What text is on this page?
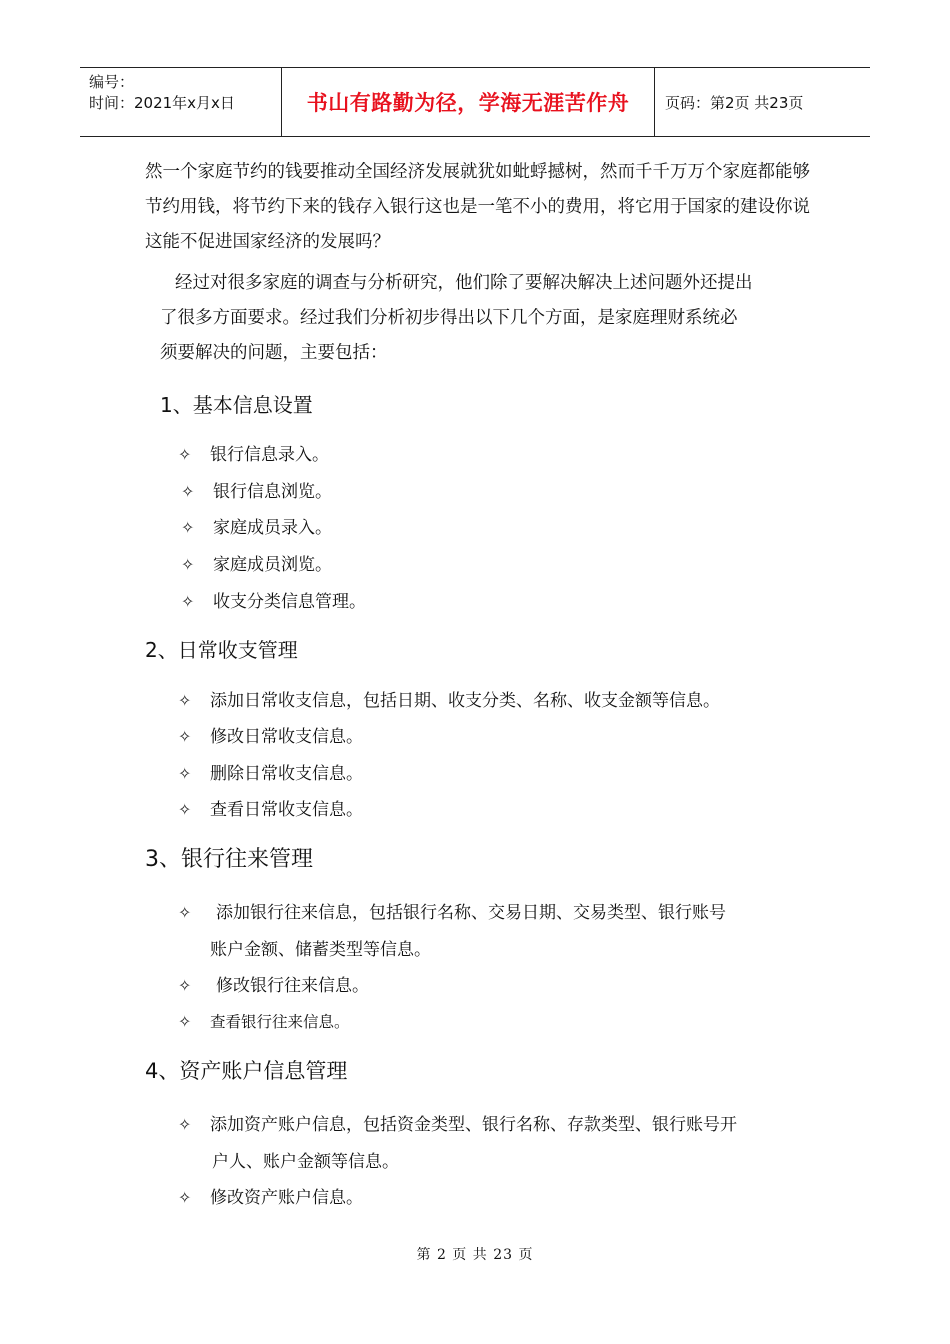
编号：
时间：2021年x月x日	书山有路勤为径，学海无涯苦作舟 页码：第2页 共23页

然一个家庭节约的钱要推动全国经济发展就犹如蚍蜉撼树，然而千千万万个家庭都能够节约用钱，将节约下来的钱存入银行这也是一笔不小的费用，将它用于国家的建设你说这能不促进国家经济的发展吗？

经过对很多家庭的调查与分析研究，他们除了要解决解决上述问题外还提出
了很多方面要求。经过我们分析初步得出以下几个方面，是家庭理财系统必
须要解决的问题，主要包括：

1、基本信息设置
✧	银行信息录入。
✧	银行信息浏览。
✧	家庭成员录入。
✧	家庭成员浏览。
✧	收支分类信息管理。
2、日常收支管理
✧	添加日常收支信息，包括日期、收支分类、名称、收支金额等信息。
✧	修改日常收支信息。
✧	删除日常收支信息。
✧	查看日常收支信息。
3、银行往来管理
✧	添加银行往来信息，包括银行名称、交易日期、交易类型、银行账号
账户金额、储蓄类型等信息。
✧	修改银行往来信息。
✧	查看银行往来信息。
4、资产账户信息管理
✧	添加资产账户信息，包括资金类型、银行名称、存款类型、银行账号开
户人、账户金额等信息。
✧	修改资产账户信息。
第 2 页 共 23 页
